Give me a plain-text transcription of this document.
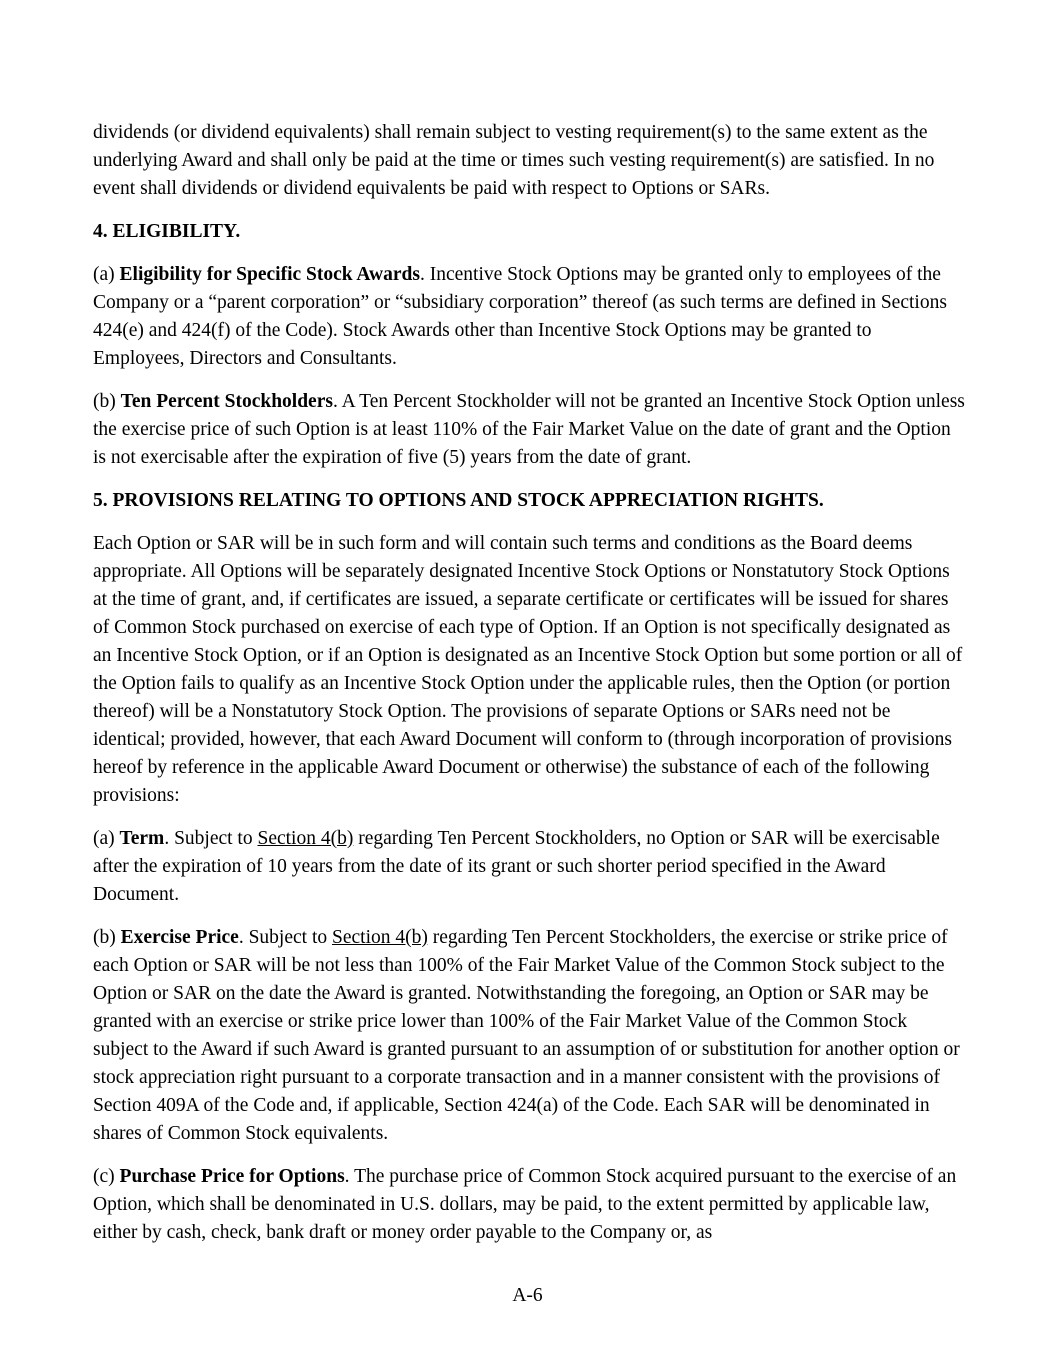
dividends (or dividend equivalents) shall remain subject to vesting requirement(s) to the same extent as the underlying Award and shall only be paid at the time or times such vesting requirement(s) are satisfied. In no event shall dividends or dividend equivalents be paid with respect to Options or SARs.

4. ELIGIBILITY.

(a) Eligibility for Specific Stock Awards. Incentive Stock Options may be granted only to employees of the Company or a “parent corporation” or “subsidiary corporation” thereof (as such terms are defined in Sections 424(e) and 424(f) of the Code). Stock Awards other than Incentive Stock Options may be granted to Employees, Directors and Consultants.

(b) Ten Percent Stockholders. A Ten Percent Stockholder will not be granted an Incentive Stock Option unless the exercise price of such Option is at least 110% of the Fair Market Value on the date of grant and the Option is not exercisable after the expiration of five (5) years from the date of grant.

5. PROVISIONS RELATING TO OPTIONS AND STOCK APPRECIATION RIGHTS.

Each Option or SAR will be in such form and will contain such terms and conditions as the Board deems appropriate. All Options will be separately designated Incentive Stock Options or Nonstatutory Stock Options at the time of grant, and, if certificates are issued, a separate certificate or certificates will be issued for shares of Common Stock purchased on exercise of each type of Option. If an Option is not specifically designated as an Incentive Stock Option, or if an Option is designated as an Incentive Stock Option but some portion or all of the Option fails to qualify as an Incentive Stock Option under the applicable rules, then the Option (or portion thereof) will be a Nonstatutory Stock Option. The provisions of separate Options or SARs need not be identical; provided, however, that each Award Document will conform to (through incorporation of provisions hereof by reference in the applicable Award Document or otherwise) the substance of each of the following provisions:

(a) Term. Subject to Section 4(b) regarding Ten Percent Stockholders, no Option or SAR will be exercisable after the expiration of 10 years from the date of its grant or such shorter period specified in the Award Document.

(b) Exercise Price. Subject to Section 4(b) regarding Ten Percent Stockholders, the exercise or strike price of each Option or SAR will be not less than 100% of the Fair Market Value of the Common Stock subject to the Option or SAR on the date the Award is granted. Notwithstanding the foregoing, an Option or SAR may be granted with an exercise or strike price lower than 100% of the Fair Market Value of the Common Stock subject to the Award if such Award is granted pursuant to an assumption of or substitution for another option or stock appreciation right pursuant to a corporate transaction and in a manner consistent with the provisions of Section 409A of the Code and, if applicable, Section 424(a) of the Code. Each SAR will be denominated in shares of Common Stock equivalents.

(c) Purchase Price for Options. The purchase price of Common Stock acquired pursuant to the exercise of an Option, which shall be denominated in U.S. dollars, may be paid, to the extent permitted by applicable law, either by cash, check, bank draft or money order payable to the Company or, as

A-6
